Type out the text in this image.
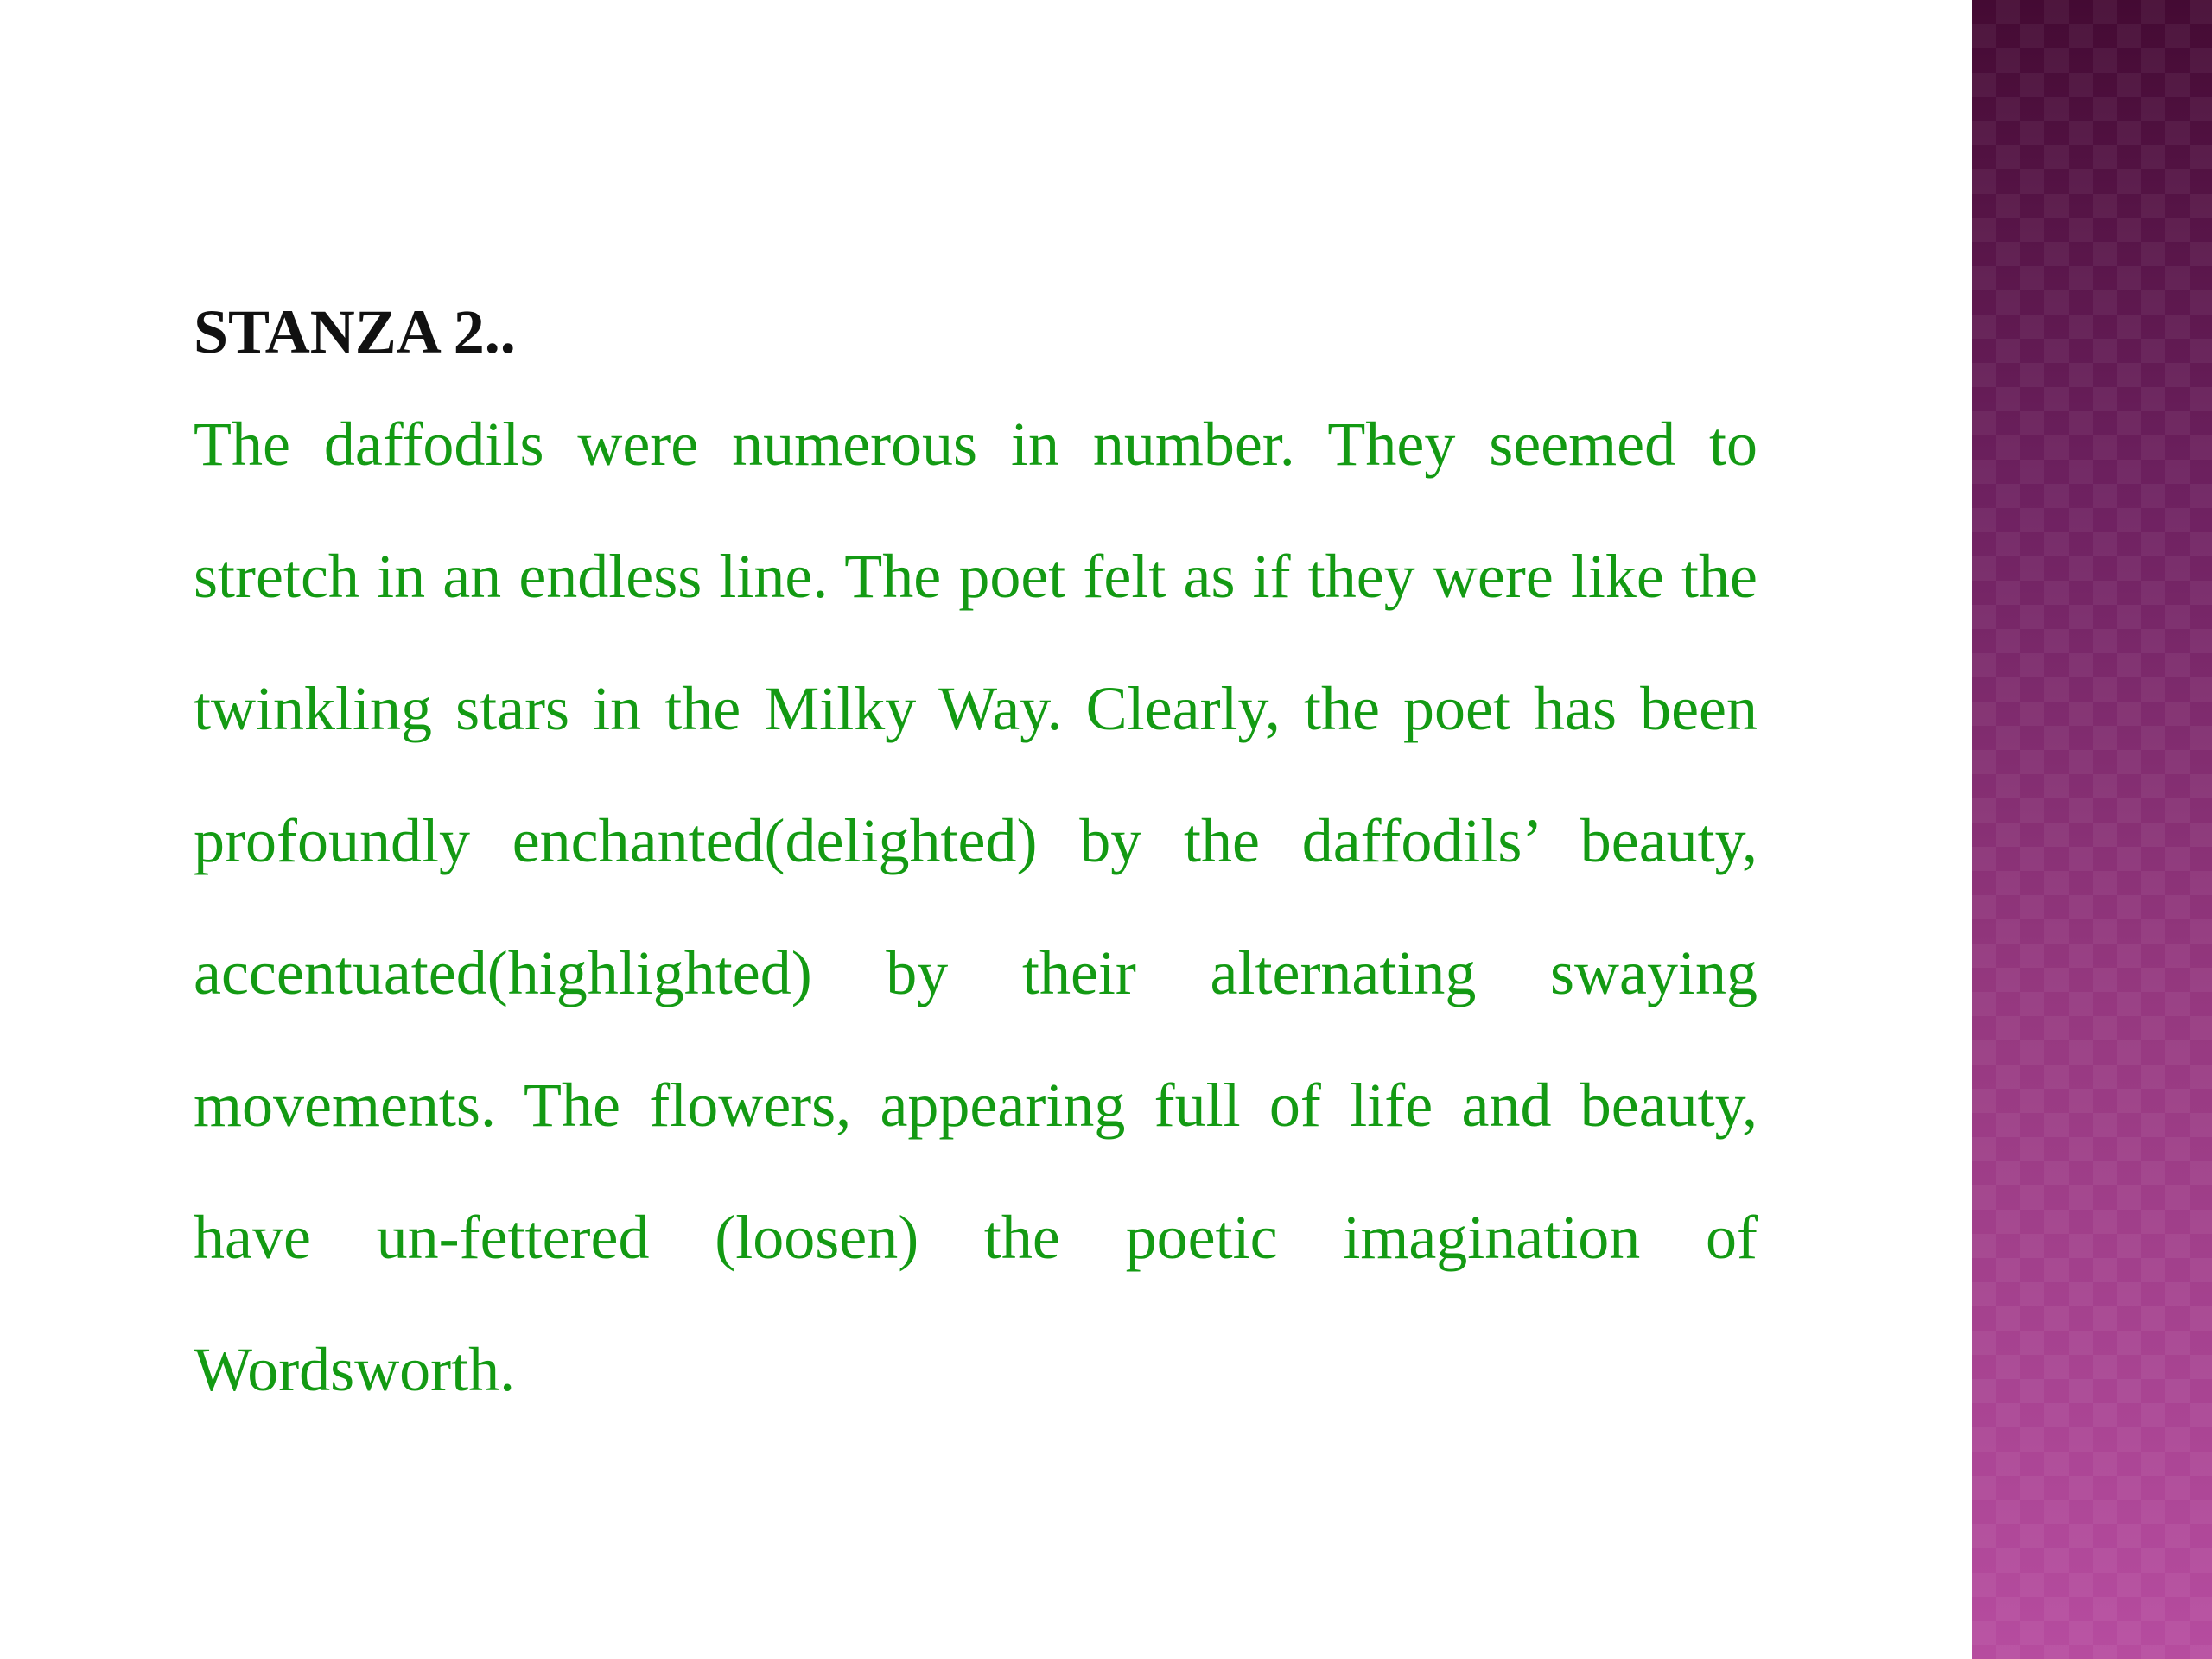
STANZA 2..

The daffodils were numerous in number. They seemed to stretch in an endless line. The poet felt as if they were like the twinkling stars in the Milky Way. Clearly, the poet has been profoundly enchanted(delighted) by the daffodils’ beauty, accentuated(highlighted) by their alternating swaying movements. The flowers, appearing full of life and beauty, have un-fettered (loosen) the poetic imagination of Wordsworth.
